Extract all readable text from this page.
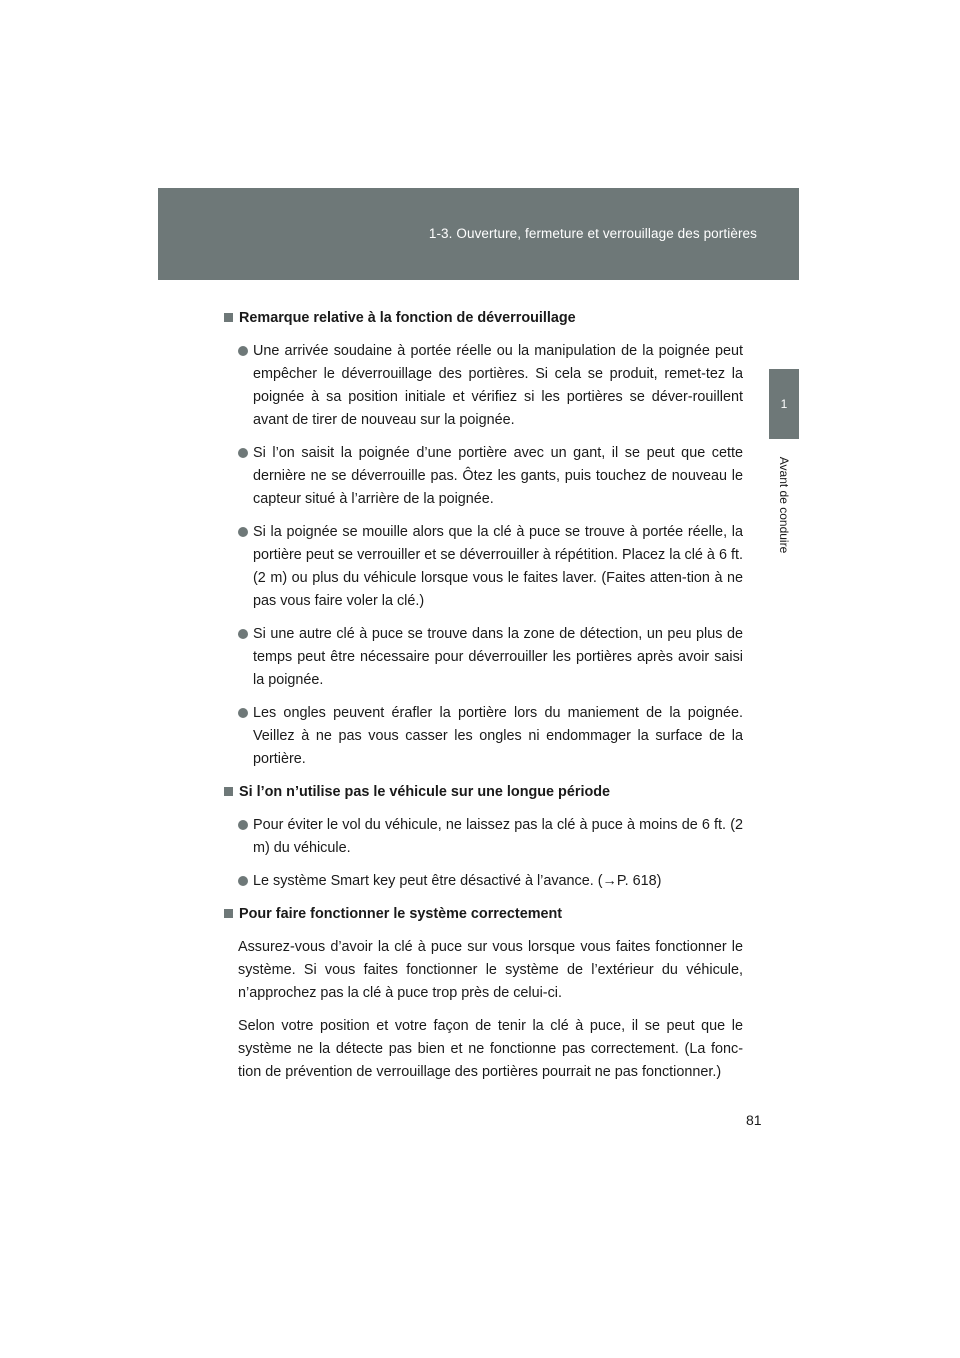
1-3. Ouverture, fermeture et verrouillage des portières
1
Avant de conduire
Remarque relative à la fonction de déverrouillage
Une arrivée soudaine à portée réelle ou la manipulation de la poignée peut empêcher le déverrouillage des portières. Si cela se produit, remet-tez la poignée à sa position initiale et vérifiez si les portières se déver-rouillent avant de tirer de nouveau sur la poignée.
Si l’on saisit la poignée d’une portière avec un gant, il se peut que cette dernière ne se déverrouille pas. Ôtez les gants, puis touchez de nouveau le capteur situé à l’arrière de la poignée.
Si la poignée se mouille alors que la clé à puce se trouve à portée réelle, la portière peut se verrouiller et se déverrouiller à répétition. Placez la clé à 6 ft. (2 m) ou plus du véhicule lorsque vous le faites laver. (Faites atten-tion à ne pas vous faire voler la clé.)
Si une autre clé à puce se trouve dans la zone de détection, un peu plus de temps peut être nécessaire pour déverrouiller les portières après avoir saisi la poignée.
Les ongles peuvent érafler la portière lors du maniement de la poignée. Veillez à ne pas vous casser les ongles ni endommager la surface de la portière.
Si l’on n’utilise pas le véhicule sur une longue période
Pour éviter le vol du véhicule, ne laissez pas la clé à puce à moins de 6 ft. (2 m) du véhicule.
Le système Smart key peut être désactivé à l’avance. (→P. 618)
Pour faire fonctionner le système correctement
Assurez-vous d’avoir la clé à puce sur vous lorsque vous faites fonctionner le système. Si vous faites fonctionner le système de l’extérieur du véhicule, n’approchez pas la clé à puce trop près de celui-ci.
Selon votre position et votre façon de tenir la clé à puce, il se peut que le système ne la détecte pas bien et ne fonctionne pas correctement. (La fonc-tion de prévention de verrouillage des portières pourrait ne pas fonctionner.)
81
